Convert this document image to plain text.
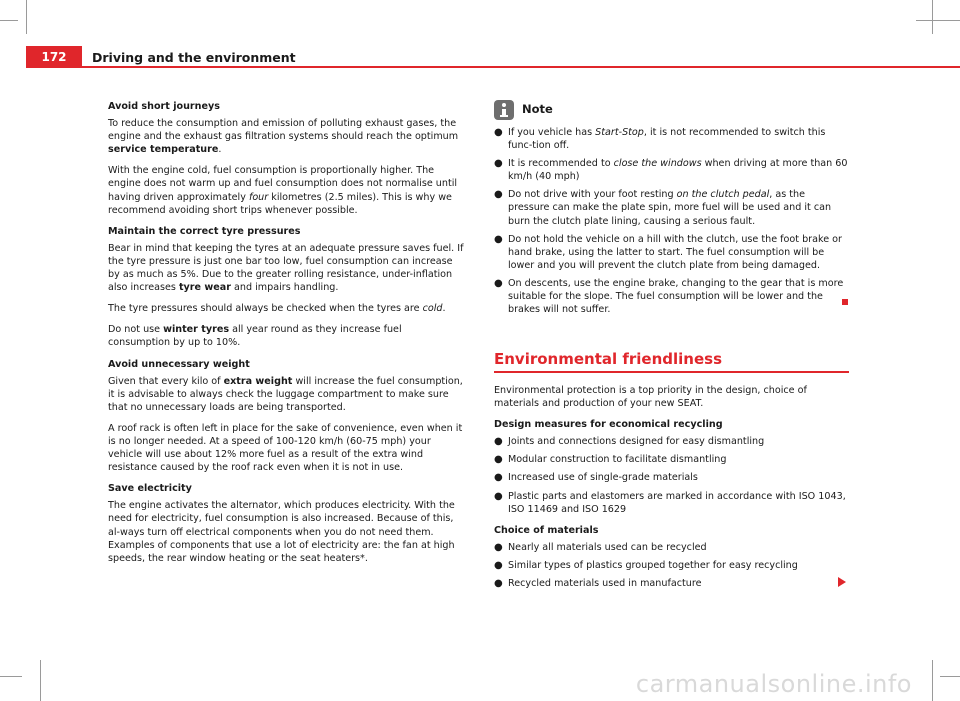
172	Driving and the environment
Avoid short journeys
To reduce the consumption and emission of polluting exhaust gases, the engine and the exhaust gas filtration systems should reach the optimum service temperature.
With the engine cold, fuel consumption is proportionally higher. The engine does not warm up and fuel consumption does not normalise until having driven approximately four kilometres (2.5 miles). This is why we recommend avoiding short trips whenever possible.
Maintain the correct tyre pressures
Bear in mind that keeping the tyres at an adequate pressure saves fuel. If the tyre pressure is just one bar too low, fuel consumption can increase by as much as 5%. Due to the greater rolling resistance, under-inflation also increases tyre wear and impairs handling.
The tyre pressures should always be checked when the tyres are cold.
Do not use winter tyres all year round as they increase fuel consumption by up to 10%.
Avoid unnecessary weight
Given that every kilo of extra weight will increase the fuel consumption, it is advisable to always check the luggage compartment to make sure that no unnecessary loads are being transported.
A roof rack is often left in place for the sake of convenience, even when it is no longer needed. At a speed of 100-120 km/h (60-75 mph) your vehicle will use about 12% more fuel as a result of the extra wind resistance caused by the roof rack even when it is not in use.
Save electricity
The engine activates the alternator, which produces electricity. With the need for electricity, fuel consumption is also increased. Because of this, al-ways turn off electrical components when you do not need them. Examples of components that use a lot of electricity are: the fan at high speeds, the rear window heating or the seat heaters*.
Note
● If you vehicle has Start-Stop, it is not recommended to switch this func-tion off.
● It is recommended to close the windows when driving at more than 60 km/h (40 mph)
● Do not drive with your foot resting on the clutch pedal, as the pressure can make the plate spin, more fuel will be used and it can burn the clutch plate lining, causing a serious fault.
● Do not hold the vehicle on a hill with the clutch, use the foot brake or hand brake, using the latter to start. The fuel consumption will be lower and you will prevent the clutch plate from being damaged.
● On descents, use the engine brake, changing to the gear that is more suitable for the slope. The fuel consumption will be lower and the brakes will not suffer.
Environmental friendliness
Environmental protection is a top priority in the design, choice of materials and production of your new SEAT.
Design measures for economical recycling
● Joints and connections designed for easy dismantling
● Modular construction to facilitate dismantling
● Increased use of single-grade materials
● Plastic parts and elastomers are marked in accordance with ISO 1043, ISO 11469 and ISO 1629
Choice of materials
● Nearly all materials used can be recycled
● Similar types of plastics grouped together for easy recycling
● Recycled materials used in manufacture
carmanualsonline.info
